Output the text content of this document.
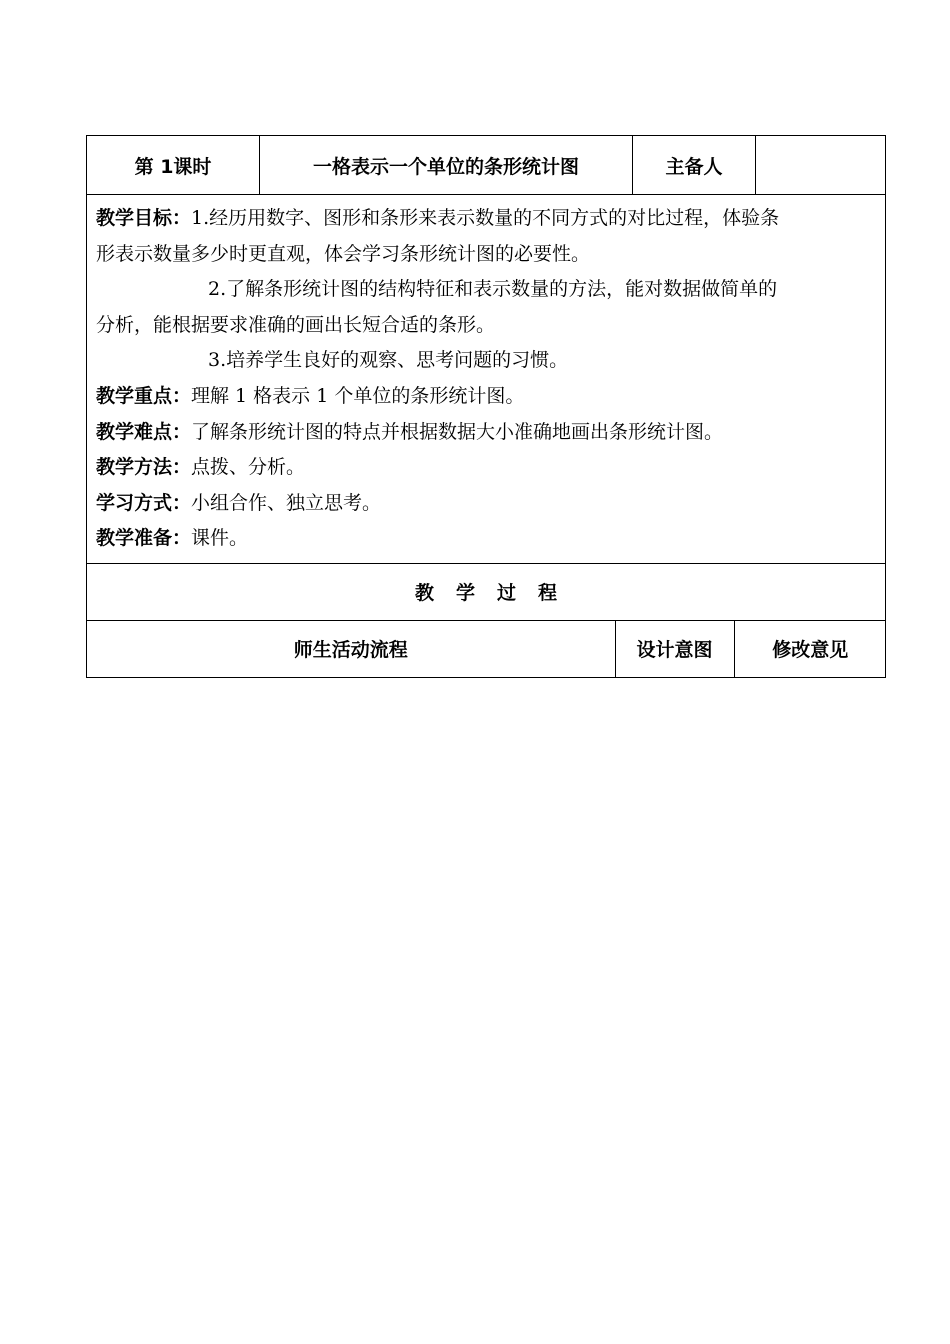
第 1课时	一格表示一个单位的条形统计图	主备人	

教学目标：1.经历用数字、图形和条形来表示数量的不同方式的对比过程，体验条

形表示数量多少时更直观，体会学习条形统计图的必要性。

2.了解条形统计图的结构特征和表示数量的方法，能对数据做简单的

分析，能根据要求准确的画出长短合适的条形。

3.培养学生良好的观察、思考问题的习惯。

教学重点：理解 1 格表示 1 个单位的条形统计图。

教学难点：了解条形统计图的特点并根据数据大小准确地画出条形统计图。

教学方法：点拨、分析。

学习方式：小组合作、独立思考。

教学准备：课件。

教学过程

师生活动流程	设计意图	修改意见
